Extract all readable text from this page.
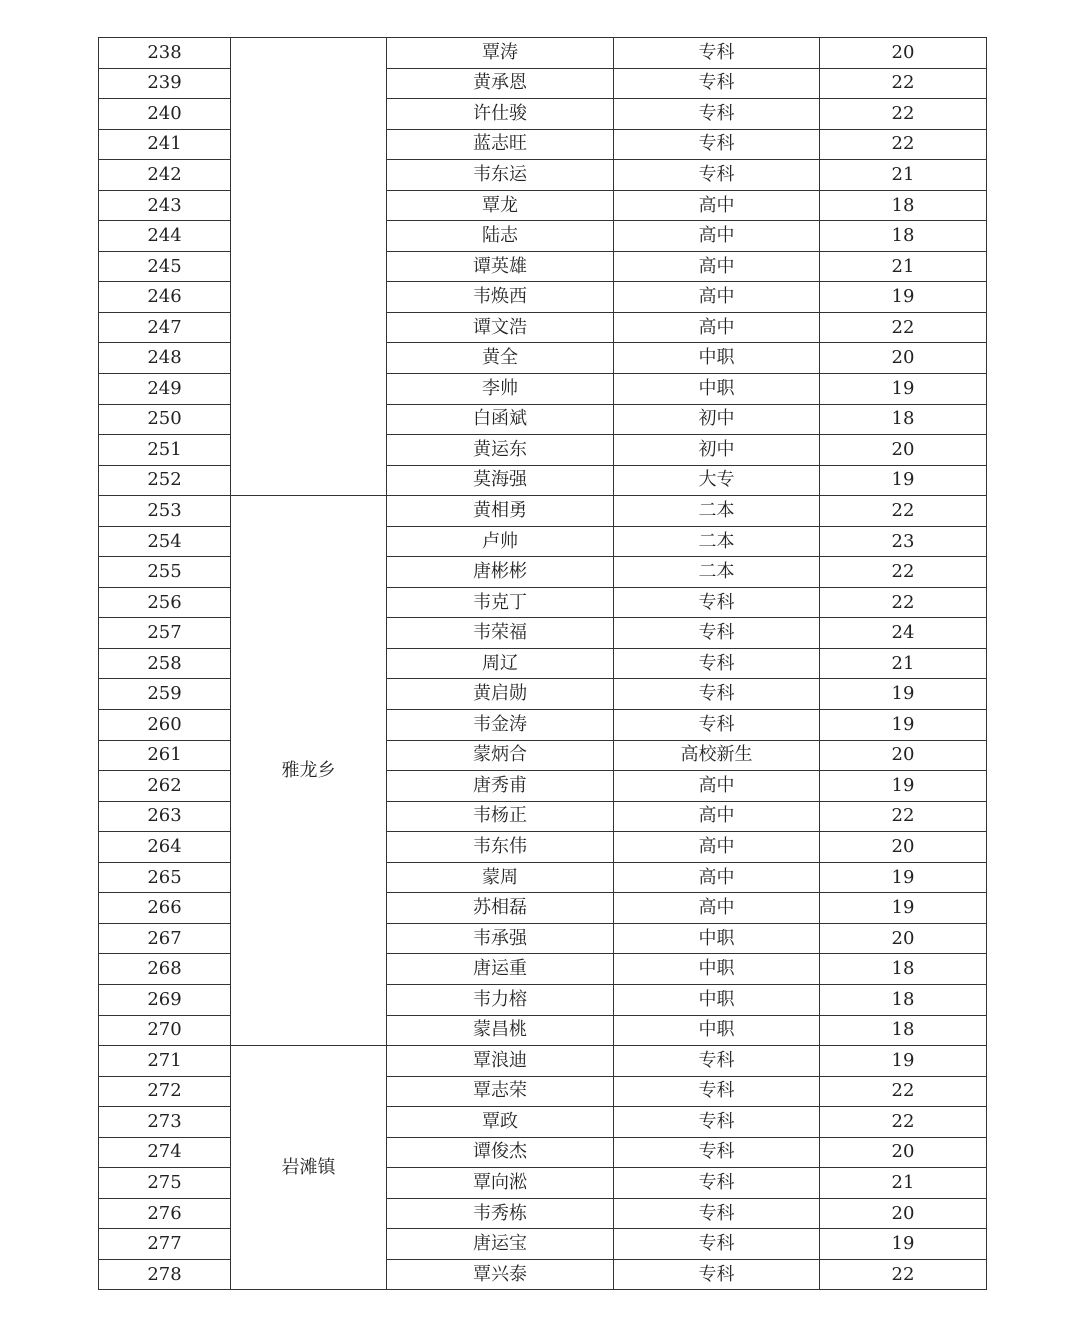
238		覃涛	专科	20
239		黄承恩	专科	22
240		许仕骏	专科	22
241		蓝志旺	专科	22
242		韦东运	专科	21
243		覃龙	高中	18
244		陆志	高中	18
245		谭英雄	高中	21
246		韦焕西	高中	19
247		谭文浩	高中	22
248		黄全	中职	20
249		李帅	中职	19
250		白函斌	初中	18
251		黄运东	初中	20
252		莫海强	大专	19
253	雅龙乡	黄相勇	二本	22
254		卢帅	二本	23
255		唐彬彬	二本	22
256		韦克丁	专科	22
257		韦荣福	专科	24
258		周辽	专科	21
259		黄启勋	专科	19
260		韦金涛	专科	19
261		蒙炳合	高校新生	20
262		唐秀甫	高中	19
263		韦杨正	高中	22
264		韦东伟	高中	20
265		蒙周	高中	19
266		苏相磊	高中	19
267		韦承强	中职	20
268		唐运重	中职	18
269		韦力榕	中职	18
270		蒙昌桃	中职	18
271	岩滩镇	覃浪迪	专科	19
272		覃志荣	专科	22
273		覃政	专科	22
274		谭俊杰	专科	20
275		覃向淞	专科	21
276		韦秀栋	专科	20
277		唐运宝	专科	19
278		覃兴泰	专科	22
